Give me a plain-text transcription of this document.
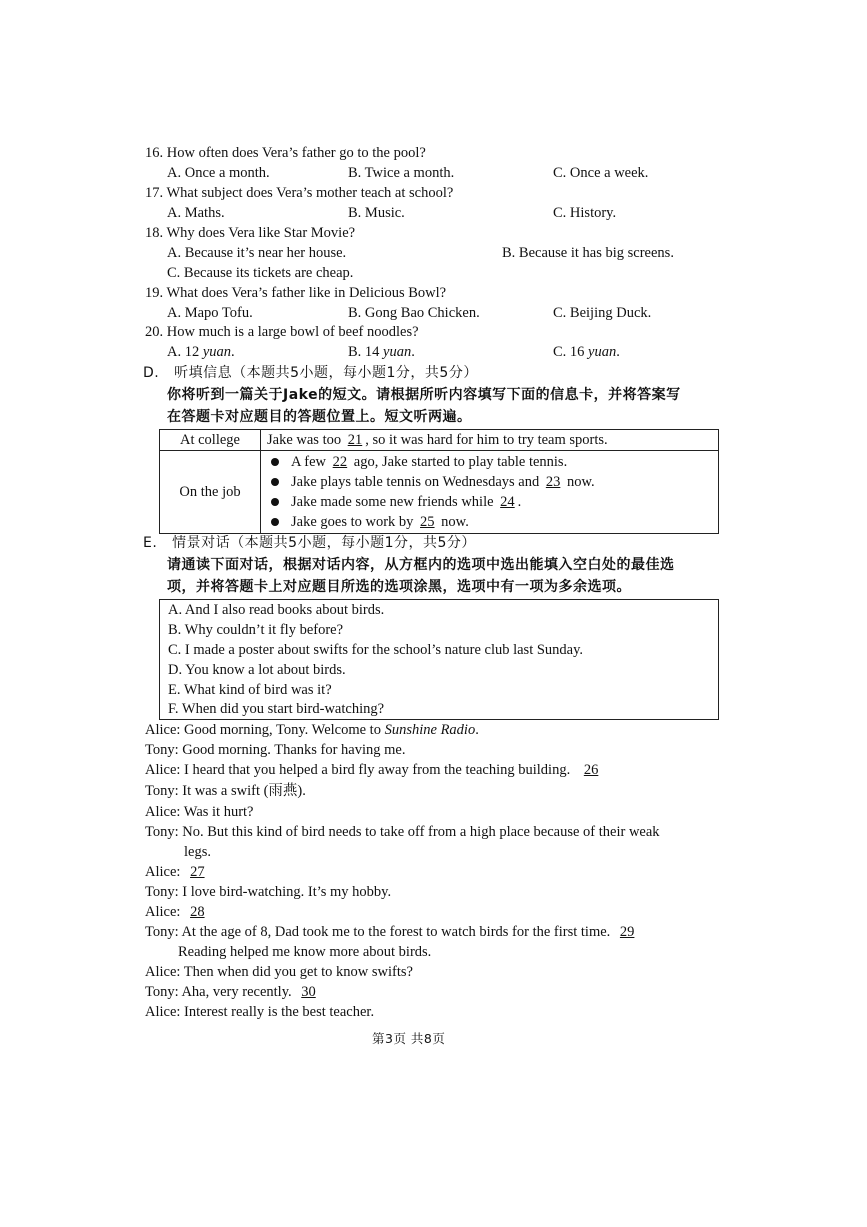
16. How often does Vera’s father go to the pool?
A. Once a month.	B. Twice a month.	C. Once a week.
17. What subject does Vera’s mother teach at school?
A. Maths.	B. Music.	C. History.
18. Why does Vera like Star Movie?
A. Because it’s near her house.	B. Because it has big screens.
C. Because its tickets are cheap.
19. What does Vera’s father like in Delicious Bowl?
A. Mapo Tofu.	B. Gong Bao Chicken.	C. Beijing Duck.
20. How much is a large bowl of beef noodles?
A. 12 yuan.	B. 14 yuan.	C. 16 yuan.
D. 听填信息（本题共5小题，每小题1分，共5分）
你将听到一篇关于Jake的短文。请根据所听内容填写下面的信息卡，并将答案写
在答题卡对应题目的答题位置上。短文听两遍。
At college	Jake was too 21 , so it was hard for him to try team sports.
On the job	A few 22 ago, Jake started to play table tennis.
Jake plays table tennis on Wednesdays and 23 now.
Jake made some new friends while 24 .
Jake goes to work by 25 now.
E. 情景对话（本题共5小题，每小题1分，共5分）
请通读下面对话，根据对话内容，从方框内的选项中选出能填入空白处的最佳选
项，并将答题卡上对应题目所选的选项涂黑，选项中有一项为多余选项。
A. And I also read books about birds.
B. Why couldn’t it fly before?
C. I made a poster about swifts for the school’s nature club last Sunday.
D. You know a lot about birds.
E. What kind of bird was it?
F. When did you start bird-watching?
Alice: Good morning, Tony. Welcome to Sunshine Radio.
Tony: Good morning. Thanks for having me.
Alice: I heard that you helped a bird fly away from the teaching building. 26
Tony: It was a swift (雨燕).
Alice: Was it hurt?
Tony: No. But this kind of bird needs to take off from a high place because of their weak
legs.
Alice: 27
Tony: I love bird-watching. It’s my hobby.
Alice: 28
Tony: At the age of 8, Dad took me to the forest to watch birds for the first time. 29
Reading helped me know more about birds.
Alice: Then when did you get to know swifts?
Tony: Aha, very recently. 30
Alice: Interest really is the best teacher.
第3页 共8页
